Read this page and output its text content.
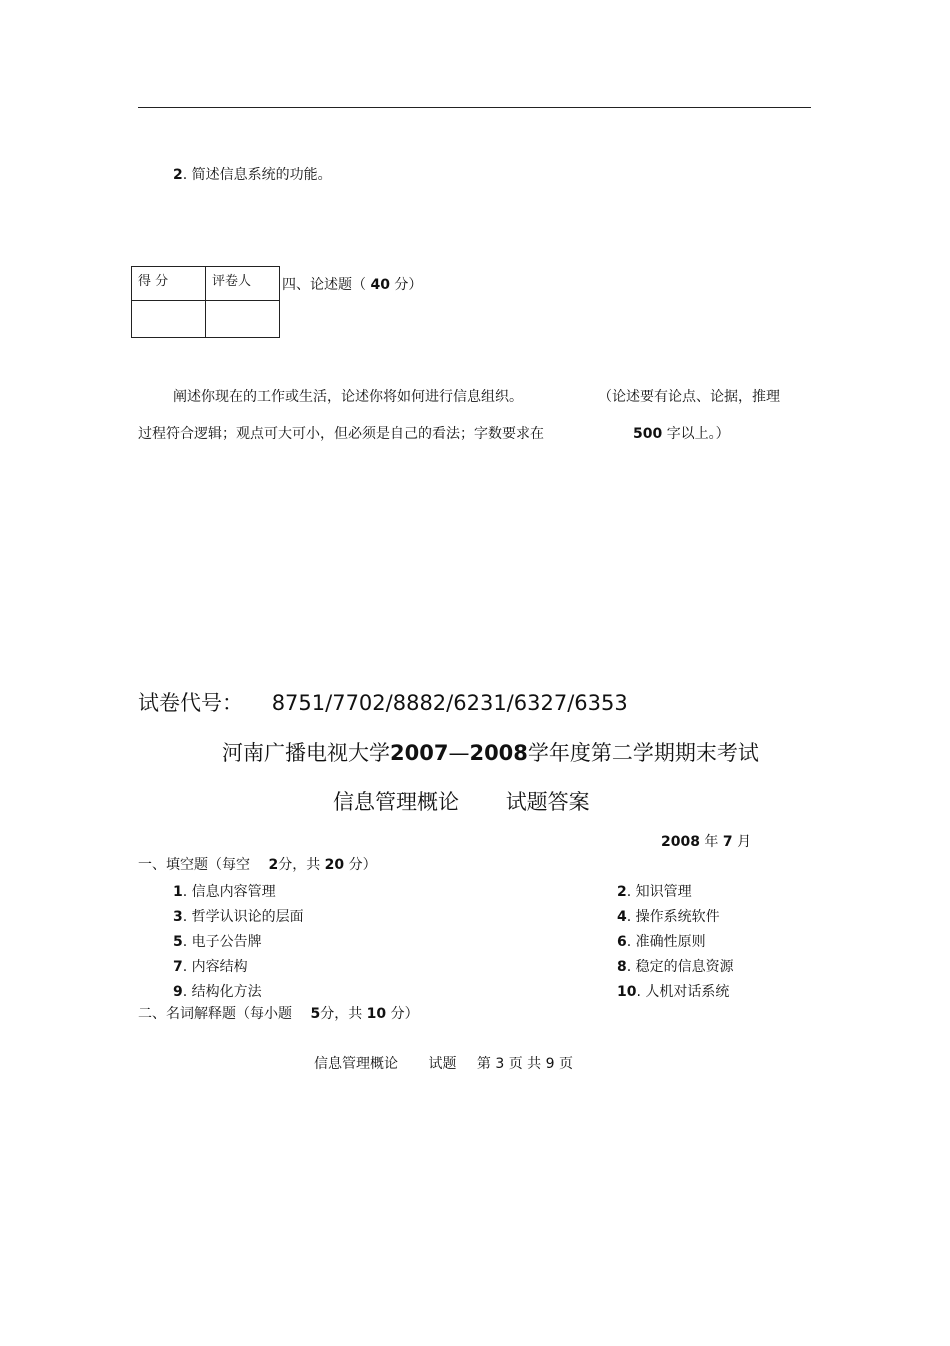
2. 简述信息系统的功能。
得 分	评卷人
	四、论述题（ 40 分）
阐述你现在的工作或生活，论述你将如何进行信息组织。	（论述要有论点、论据，推理
过程符合逻辑；观点可大可小，但必须是自己的看法；字数要求在	500 字以上。）
试卷代号： 8751/7702/8882/6231/6327/6353
河南广播电视大学2007—2008学年度第二学期期末考试
信息管理概论 试题答案
2008 年 7 月
一、填空题（每空 2分，共 20 分）
1. 信息内容管理	2. 知识管理
3. 哲学认识论的层面	4. 操作系统软件
5. 电子公告牌	6. 准确性原则
7. 内容结构	8. 稳定的信息资源
9. 结构化方法	10. 人机对话系统
二、名词解释题（每小题 5分，共 10 分）
信息管理概论 试题 第 3 页 共 9 页
